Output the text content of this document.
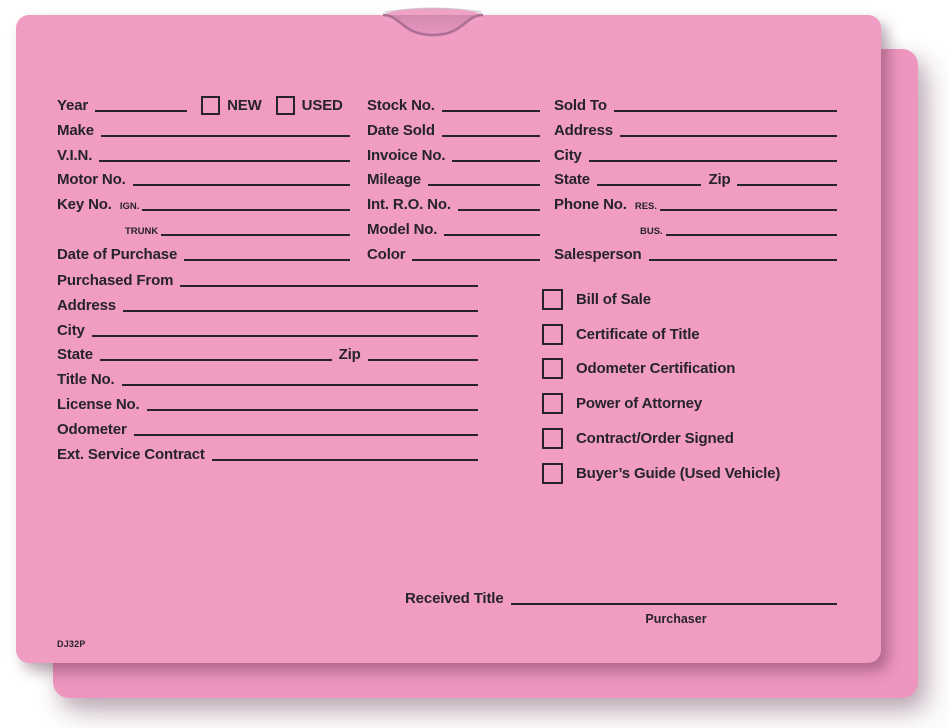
Year	NEW	USED
Make
V.I.N.
Motor No.
Key No. IGN.
TRUNK
Date of Purchase
Stock No.
Date Sold
Invoice No.
Mileage
Int. R.O. No.
Model No.
Color
Sold To
Address
City
State	Zip
Phone No. RES.
BUS.
Salesperson
Purchased From
Address
City
State	Zip
Title No.
License No.
Odometer
Ext. Service Contract
Bill of Sale
Certificate of Title
Odometer Certification
Power of Attorney
Contract/Order Signed
Buyer’s Guide (Used Vehicle)
Received Title
Purchaser
DJ32P
